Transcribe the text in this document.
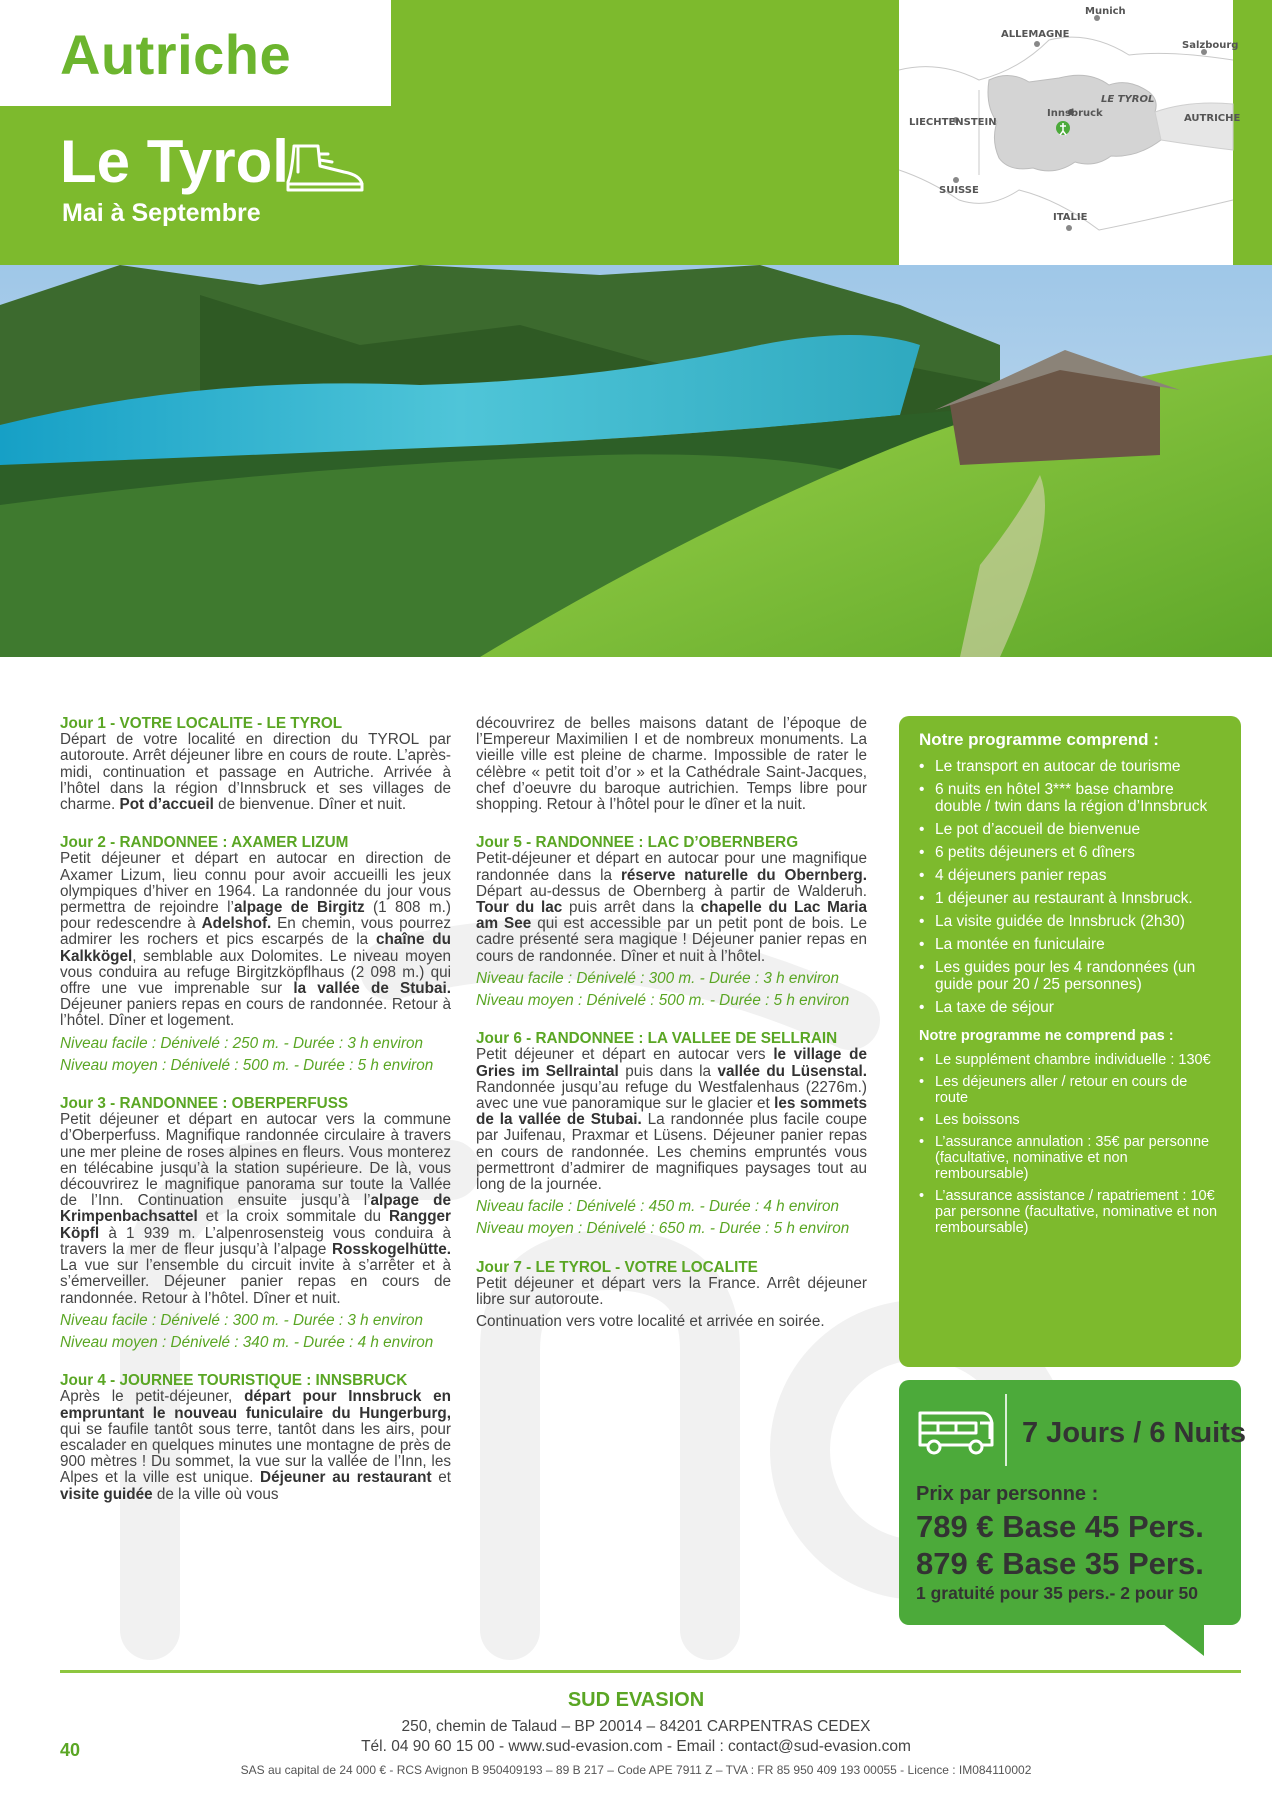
Autriche
Le Tyrol
Mai à Septembre
Munich
ALLEMAGNE
Salzbourg
LE TYROL
Innsbruck
LIECHTENSTEIN	AUTRICHE
SUISSE
ITALIE
Jour 1 - VOTRE LOCALITE - LE TYROL
Départ de votre localité en direction du TYROL par autoroute. Arrêt déjeuner libre en cours de route. L’après-midi, continuation et passage en Autriche. Arrivée à l’hôtel dans la région d’Innsbruck et ses villages de charme. Pot d’accueil de bienvenue. Dîner et nuit.
Jour 2 - RANDONNEE : AXAMER LIZUM
Petit déjeuner et départ en autocar en direction de Axamer Lizum, lieu connu pour avoir accueilli les jeux olympiques d’hiver en 1964. La randonnée du jour vous permettra de rejoindre l’alpage de Birgitz (1 808 m.) pour redescendre à Adelshof. En chemin, vous pourrez admirer les rochers et pics escarpés de la chaîne du Kalkkögel, semblable aux Dolomites. Le niveau moyen vous conduira au refuge Birgitzköpflhaus (2 098 m.) qui offre une vue imprenable sur la vallée de Stubai. Déjeuner paniers repas en cours de randonnée. Retour à l’hôtel. Dîner et logement.
Niveau facile : Dénivelé : 250 m. - Durée : 3 h environ
Niveau moyen : Dénivelé : 500 m. - Durée : 5 h environ
Jour 3 - RANDONNEE : OBERPERFUSS
Petit déjeuner et départ en autocar vers la commune d’Oberperfuss. Magnifique randonnée circulaire à travers une mer pleine de roses alpines en fleurs. Vous monterez en télécabine jusqu’à la station supérieure. De là, vous découvrirez le magnifique panorama sur toute la Vallée de l’Inn. Continuation ensuite jusqu’à l’alpage de Krimpenbachsattel et la croix sommitale du Rangger Köpfl à 1 939 m. L’alpenrosensteig vous conduira à travers la mer de fleur jusqu’à l’alpage Rosskogelhütte. La vue sur l’ensemble du circuit invite à s’arrêter et à s’émerveiller. Déjeuner panier repas en cours de randonnée. Retour à l’hôtel. Dîner et nuit.
Niveau facile : Dénivelé : 300 m. - Durée : 3 h environ
Niveau moyen : Dénivelé : 340 m. - Durée : 4 h environ
Jour 4 - JOURNEE TOURISTIQUE : INNSBRUCK
Après le petit-déjeuner, départ pour Innsbruck en empruntant le nouveau funiculaire du Hungerburg, qui se faufile tantôt sous terre, tantôt dans les airs, pour escalader en quelques minutes une montagne de près de 900 mètres ! Du sommet, la vue sur la vallée de l’Inn, les Alpes et la ville est unique. Déjeuner au restaurant et visite guidée de la ville où vous
découvrirez de belles maisons datant de l’époque de l’Empereur Maximilien I et de nombreux monuments. La vieille ville est pleine de charme. Impossible de rater le célèbre « petit toit d’or » et la Cathédrale Saint-Jacques, chef d’oeuvre du baroque autrichien. Temps libre pour shopping. Retour à l’hôtel pour le dîner et la nuit.
Jour 5 - RANDONNEE : LAC D’OBERNBERG
Petit-déjeuner et départ en autocar pour une magnifique randonnée dans la réserve naturelle du Obernberg. Départ au-dessus de Obernberg à partir de Walderuh. Tour du lac puis arrêt dans la chapelle du Lac Maria am See qui est accessible par un petit pont de bois. Le cadre présenté sera magique ! Déjeuner panier repas en cours de randonnée. Dîner et nuit à l’hôtel.
Niveau facile : Dénivelé : 300 m. - Durée : 3 h environ
Niveau moyen : Dénivelé : 500 m. - Durée : 5 h environ
Jour 6 - RANDONNEE : LA VALLEE DE SELLRAIN
Petit déjeuner et départ en autocar vers le village de Gries im Sellraintal puis dans la vallée du Lüsenstal. Randonnée jusqu’au refuge du Westfalenhaus (2276m.) avec une vue panoramique sur le glacier et les sommets de la vallée de Stubai. La randonnée plus facile coupe par Juifenau, Praxmar et Lüsens. Déjeuner panier repas en cours de randonnée. Les chemins empruntés vous permettront d’admirer de magnifiques paysages tout au long de la journée.
Niveau facile : Dénivelé : 450 m. - Durée : 4 h environ
Niveau moyen : Dénivelé : 650 m. - Durée : 5 h environ
Jour 7 - LE TYROL - VOTRE LOCALITE
Petit déjeuner et départ vers la France. Arrêt déjeuner libre sur autoroute.
Continuation vers votre localité et arrivée en soirée.
Notre programme comprend :
• Le transport en autocar de tourisme
• 6 nuits en hôtel 3*** base chambre double / twin dans la région d’Innsbruck
• Le pot d’accueil de bienvenue
• 6 petits déjeuners et 6 dîners
• 4 déjeuners panier repas
• 1 déjeuner au restaurant à Innsbruck.
• La visite guidée de Innsbruck (2h30)
• La montée en funiculaire
• Les guides pour les 4 randonnées (un guide pour 20 / 25 personnes)
• La taxe de séjour
Notre programme ne comprend pas :
• Le supplément chambre individuelle : 130€
• Les déjeuners aller / retour en cours de route
• Les boissons
• L’assurance annulation : 35€ par personne (facultative, nominative et non remboursable)
• L’assurance assistance / rapatriement : 10€ par personne (facultative, nominative et non remboursable)
7 Jours / 6 Nuits
Prix par personne :
789 € Base 45 Pers.
879 € Base 35 Pers.
1 gratuité pour 35 pers.- 2 pour 50
SUD EVASION
250, chemin de Talaud – BP 20014 – 84201 CARPENTRAS CEDEX
Tél. 04 90 60 15 00 - www.sud-evasion.com - Email : contact@sud-evasion.com
SAS au capital de 24 000 € - RCS Avignon B 950409193 – 89 B 217 – Code APE 7911 Z – TVA : FR 85 950 409 193 00055 - Licence : IM084110002
40
